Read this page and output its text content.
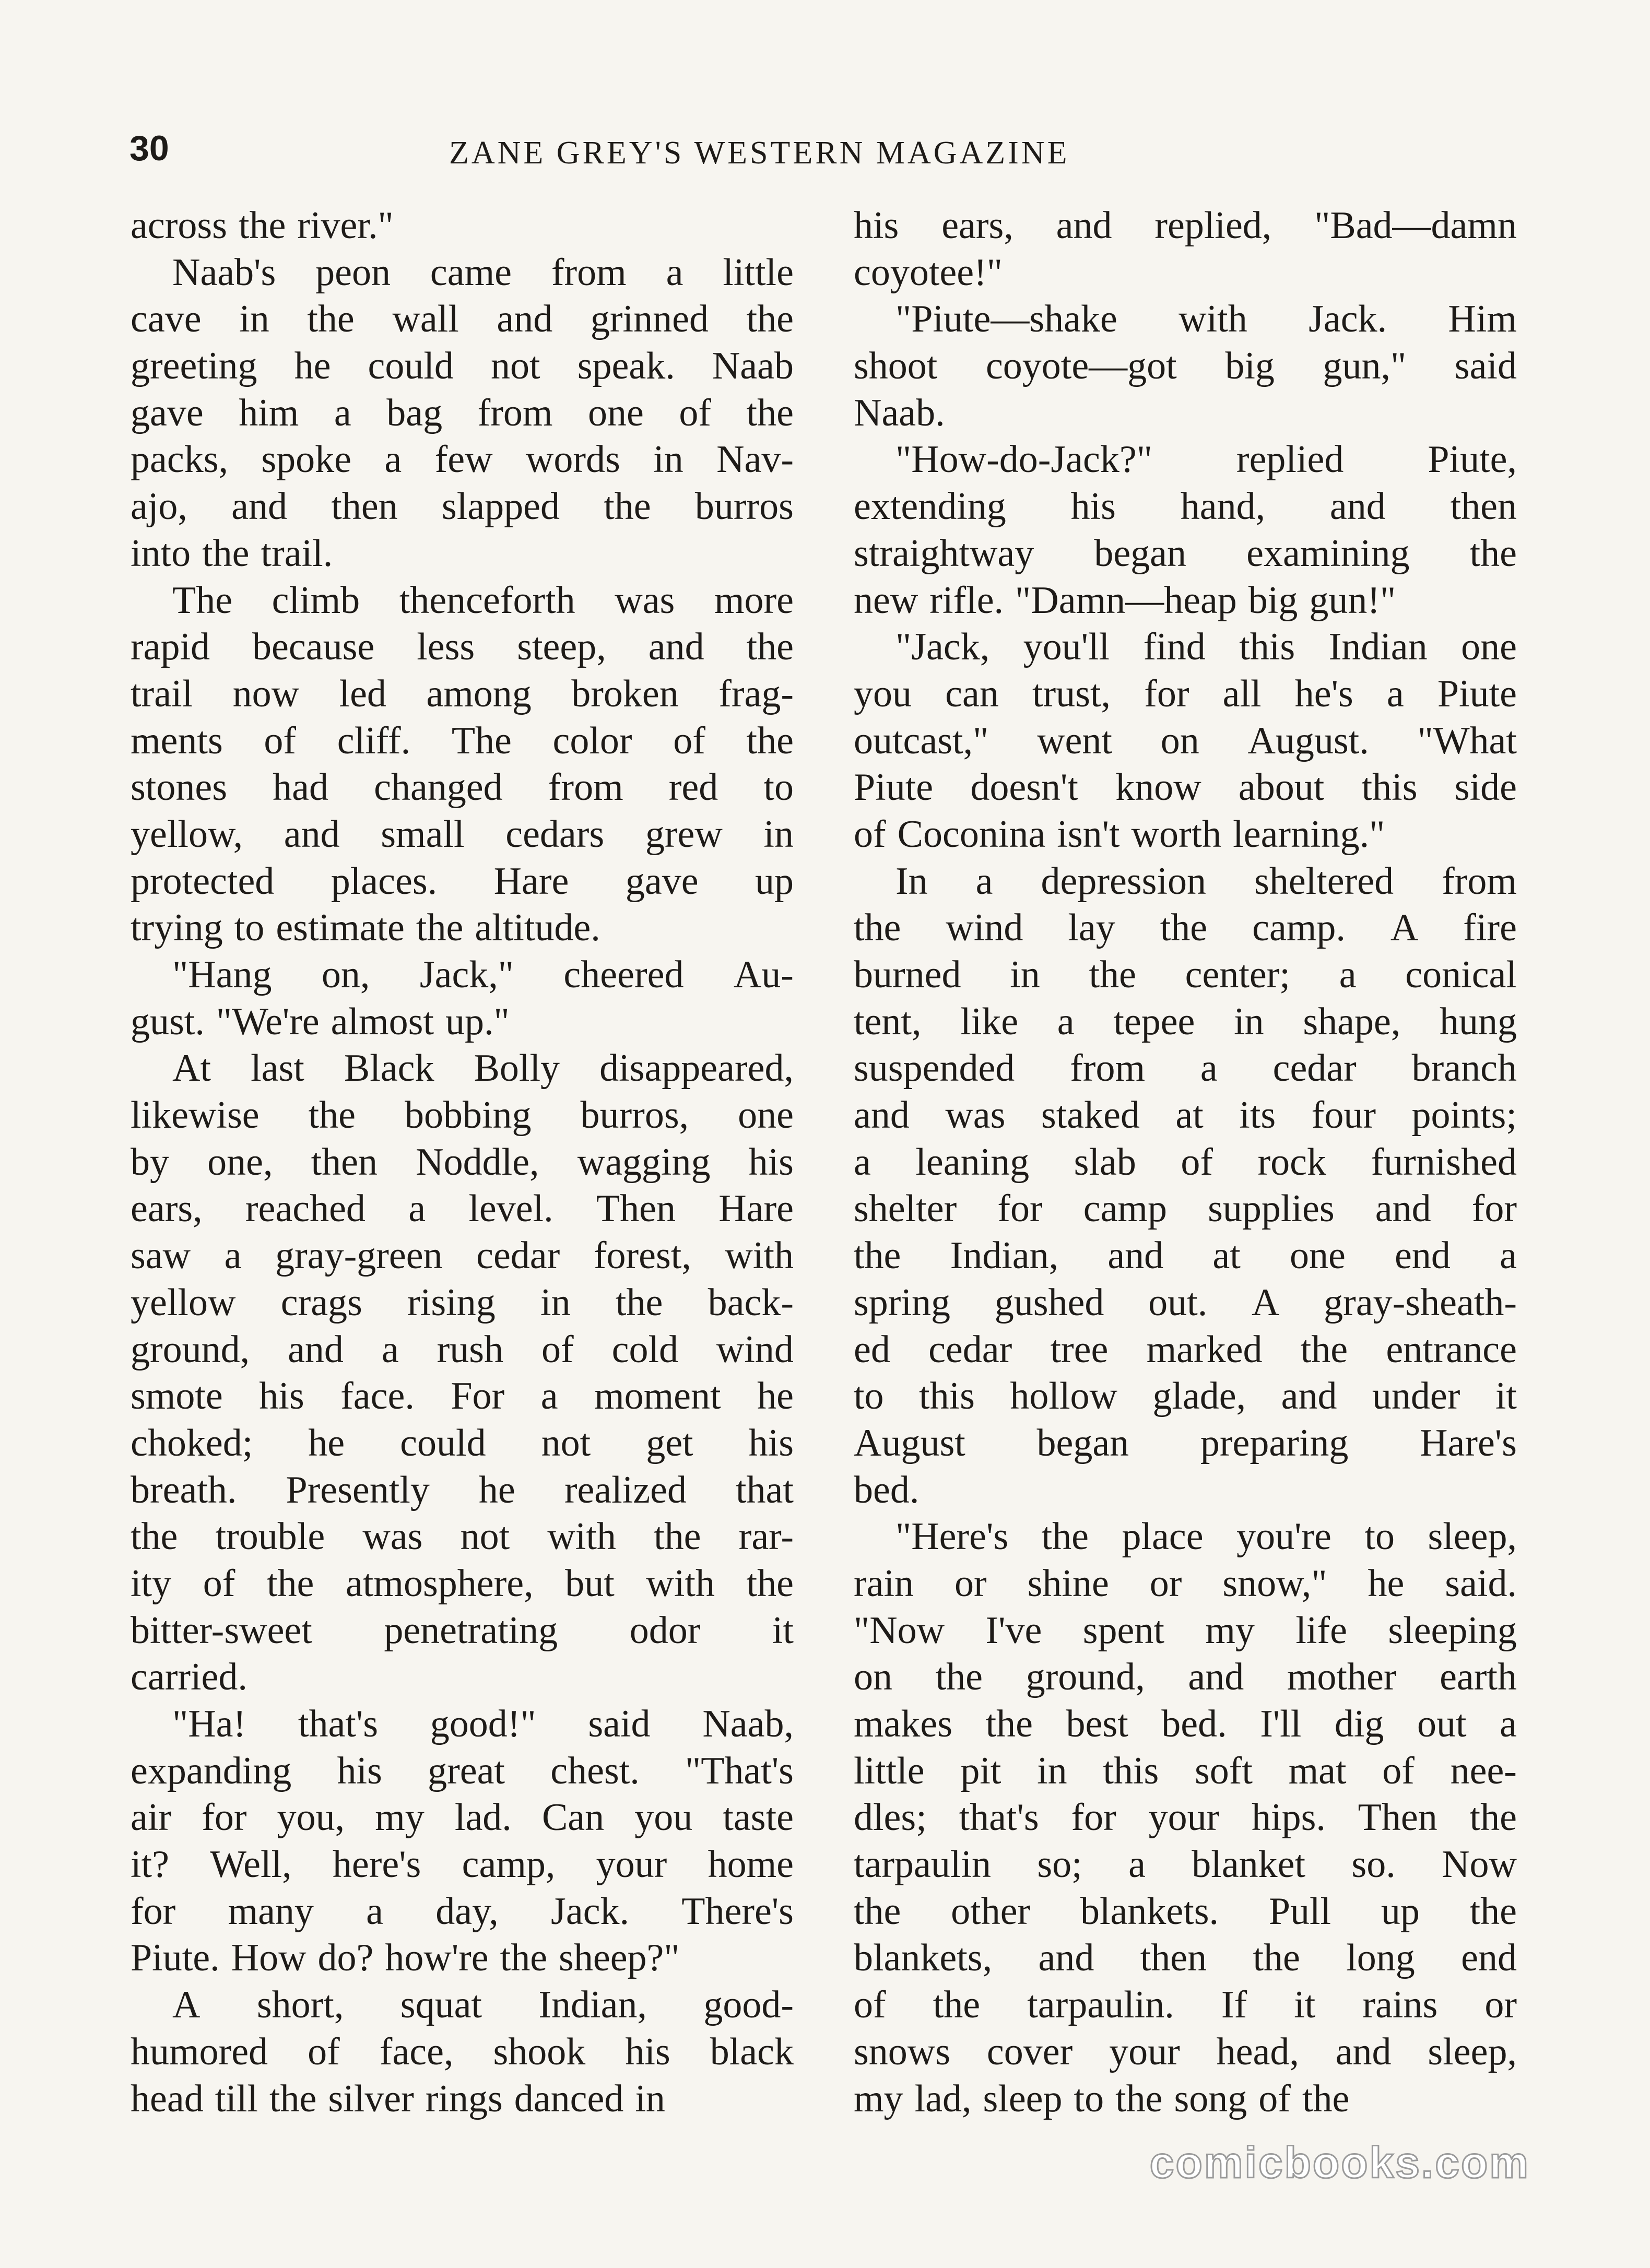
30	ZANE GREY'S WESTERN MAGAZINE
across the river."
Naab's peon came from a little
cave in the wall and grinned the
greeting he could not speak. Naab
gave him a bag from one of the
packs, spoke a few words in Nav-
ajo, and then slapped the burros
into the trail.
The climb thenceforth was more
rapid because less steep, and the
trail now led among broken frag-
ments of cliff. The color of the
stones had changed from red to
yellow, and small cedars grew in
protected places. Hare gave up
trying to estimate the altitude.
"Hang on, Jack," cheered Au-
gust. "We're almost up."
At last Black Bolly disappeared,
likewise the bobbing burros, one
by one, then Noddle, wagging his
ears, reached a level. Then Hare
saw a gray-green cedar forest, with
yellow crags rising in the back-
ground, and a rush of cold wind
smote his face. For a moment he
choked; he could not get his
breath. Presently he realized that
the trouble was not with the rar-
ity of the atmosphere, but with the
bitter-sweet penetrating odor it
carried.
"Ha! that's good!" said Naab,
expanding his great chest. "That's
air for you, my lad. Can you taste
it? Well, here's camp, your home
for many a day, Jack. There's
Piute. How do? how're the sheep?"
A short, squat Indian, good-
humored of face, shook his black
head till the silver rings danced in
his ears, and replied, "Bad—damn
coyotee!"
"Piute—shake with Jack. Him
shoot coyote—got big gun," said
Naab.
"How-do-Jack?" replied Piute,
extending his hand, and then
straightway began examining the
new rifle. "Damn—heap big gun!"
"Jack, you'll find this Indian one
you can trust, for all he's a Piute
outcast," went on August. "What
Piute doesn't know about this side
of Coconina isn't worth learning."
In a depression sheltered from
the wind lay the camp. A fire
burned in the center; a conical
tent, like a tepee in shape, hung
suspended from a cedar branch
and was staked at its four points;
a leaning slab of rock furnished
shelter for camp supplies and for
the Indian, and at one end a
spring gushed out. A gray-sheath-
ed cedar tree marked the entrance
to this hollow glade, and under it
August began preparing Hare's
bed.
"Here's the place you're to sleep,
rain or shine or snow," he said.
"Now I've spent my life sleeping
on the ground, and mother earth
makes the best bed. I'll dig out a
little pit in this soft mat of nee-
dles; that's for your hips. Then the
tarpaulin so; a blanket so. Now
the other blankets. Pull up the
blankets, and then the long end
of the tarpaulin. If it rains or
snows cover your head, and sleep,
my lad, sleep to the song of the
comicbooks.com
